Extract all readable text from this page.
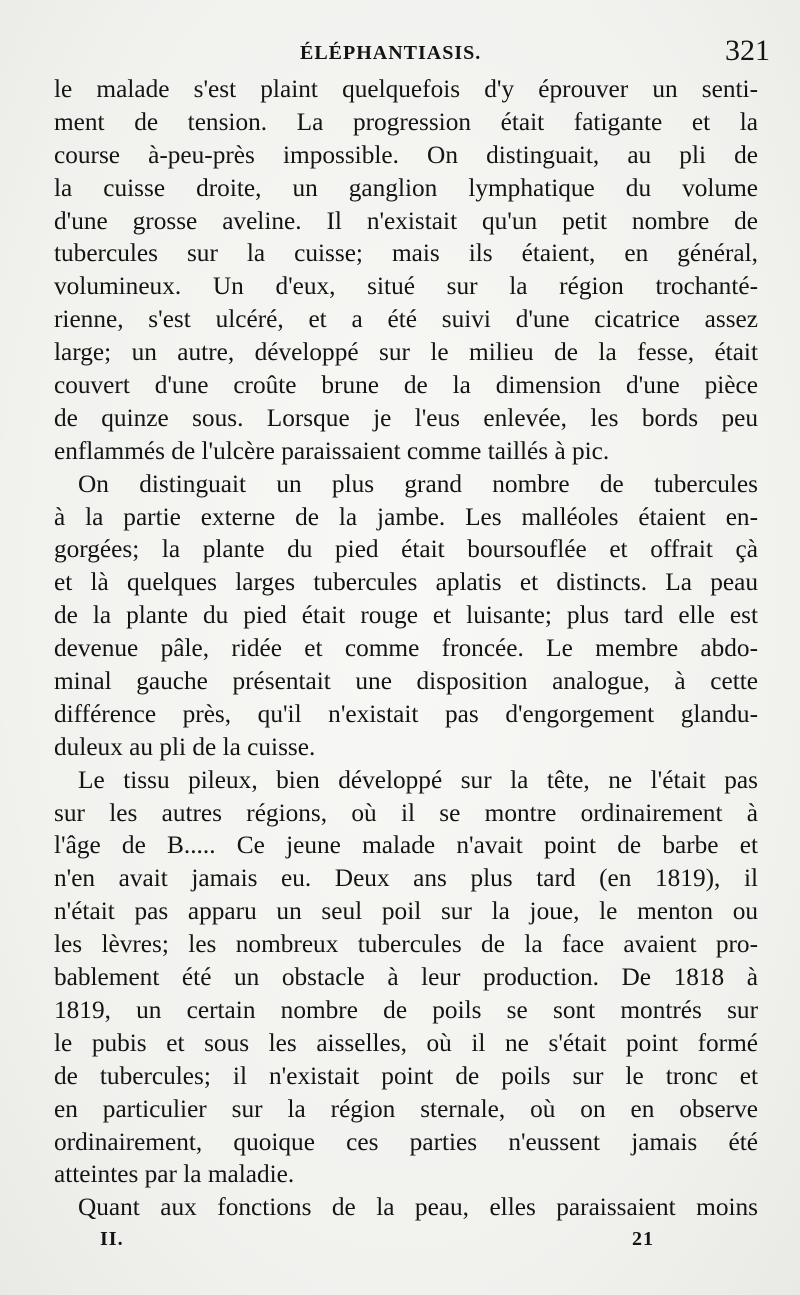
ÉLÉPHANTIASIS.	321
le malade s'est plaint quelquefois d'y éprouver un senti-
ment de tension. La progression était fatigante et la
course à-peu-près impossible. On distinguait, au pli de
la cuisse droite, un ganglion lymphatique du volume
d'une grosse aveline. Il n'existait qu'un petit nombre de
tubercules sur la cuisse; mais ils étaient, en général,
volumineux. Un d'eux, situé sur la région trochanté-
rienne, s'est ulcéré, et a été suivi d'une cicatrice assez
large; un autre, développé sur le milieu de la fesse, était
couvert d'une croûte brune de la dimension d'une pièce
de quinze sous. Lorsque je l'eus enlevée, les bords peu
enflammés de l'ulcère paraissaient comme taillés à pic.
On distinguait un plus grand nombre de tubercules
à la partie externe de la jambe. Les malléoles étaient en-
gorgées; la plante du pied était boursouflée et offrait çà
et là quelques larges tubercules aplatis et distincts. La peau
de la plante du pied était rouge et luisante; plus tard elle est
devenue pâle, ridée et comme froncée. Le membre abdo-
minal gauche présentait une disposition analogue, à cette
différence près, qu'il n'existait pas d'engorgement glandu-
duleux au pli de la cuisse.
Le tissu pileux, bien développé sur la tête, ne l'était pas
sur les autres régions, où il se montre ordinairement à
l'âge de B..... Ce jeune malade n'avait point de barbe et
n'en avait jamais eu. Deux ans plus tard (en 1819), il
n'était pas apparu un seul poil sur la joue, le menton ou
les lèvres; les nombreux tubercules de la face avaient pro-
bablement été un obstacle à leur production. De 1818 à
1819, un certain nombre de poils se sont montrés sur
le pubis et sous les aisselles, où il ne s'était point formé
de tubercules; il n'existait point de poils sur le tronc et
en particulier sur la région sternale, où on en observe
ordinairement, quoique ces parties n'eussent jamais été
atteintes par la maladie.
Quant aux fonctions de la peau, elles paraissaient moins
II.	21
